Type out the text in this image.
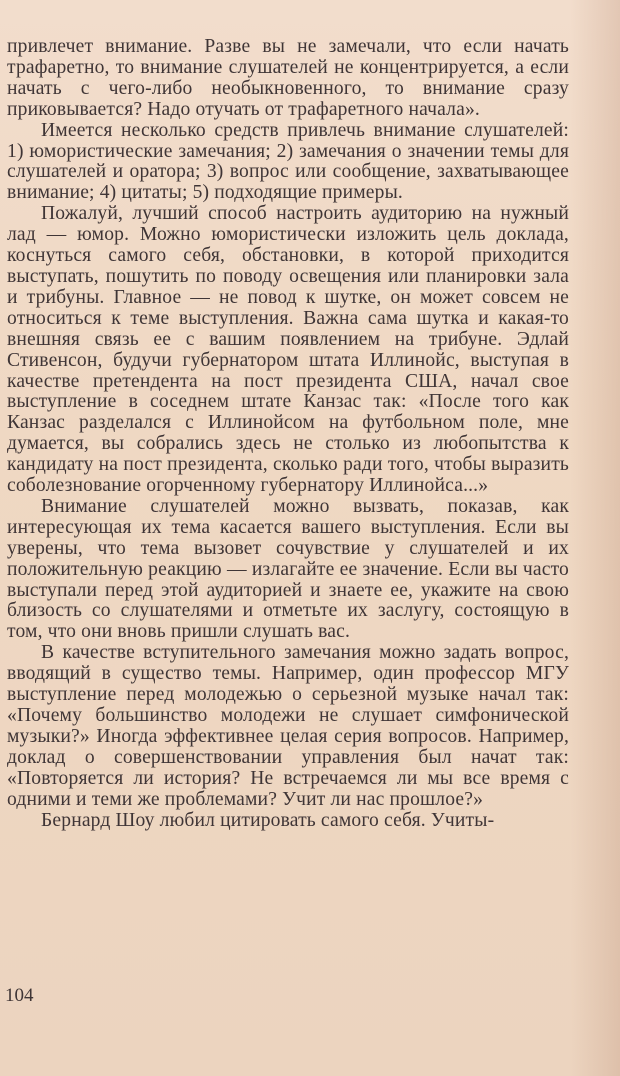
привлечет внимание. Разве вы не замечали, что если начать трафаретно, то внимание слушателей не концентрируется, а если начать с чего-либо необыкновенного, то внимание сразу приковывается? Надо отучать от трафаретного начала».

Имеется несколько средств привлечь внимание слушателей: 1) юмористические замечания; 2) замечания о значении темы для слушателей и оратора; 3) вопрос или сообщение, захватывающее внимание; 4) цитаты; 5) подходящие примеры.

Пожалуй, лучший способ настроить аудиторию на нужный лад — юмор. Можно юмористически изложить цель доклада, коснуться самого себя, обстановки, в которой приходится выступать, пошутить по поводу освещения или планировки зала и трибуны. Главное — не повод к шутке, он может совсем не относиться к теме выступления. Важна сама шутка и какая-то внешняя связь ее с вашим появлением на трибуне. Эдлай Стивенсон, будучи губернатором штата Иллинойс, выступая в качестве претендента на пост президента США, начал свое выступление в соседнем штате Канзас так: «После того как Канзас разделался с Иллинойсом на футбольном поле, мне думается, вы собрались здесь не столько из любопытства к кандидату на пост президента, сколько ради того, чтобы выразить соболезнование огорченному губернатору Иллинойса...»

Внимание слушателей можно вызвать, показав, как интересующая их тема касается вашего выступления. Если вы уверены, что тема вызовет сочувствие у слушателей и их положительную реакцию — излагайте ее значение. Если вы часто выступали перед этой аудиторией и знаете ее, укажите на свою близость со слушателями и отметьте их заслугу, состоящую в том, что они вновь пришли слушать вас.

В качестве вступительного замечания можно задать вопрос, вводящий в существо темы. Например, один профессор МГУ выступление перед молодежью о серьезной музыке начал так: «Почему большинство молодежи не слушает симфонической музыки?» Иногда эффективнее целая серия вопросов. Например, доклад о совершенствовании управления был начат так: «Повторяется ли история? Не встречаемся ли мы все время с одними и теми же проблемами? Учит ли нас прошлое?»

Бернард Шоу любил цитировать самого себя. Учиты-

104
